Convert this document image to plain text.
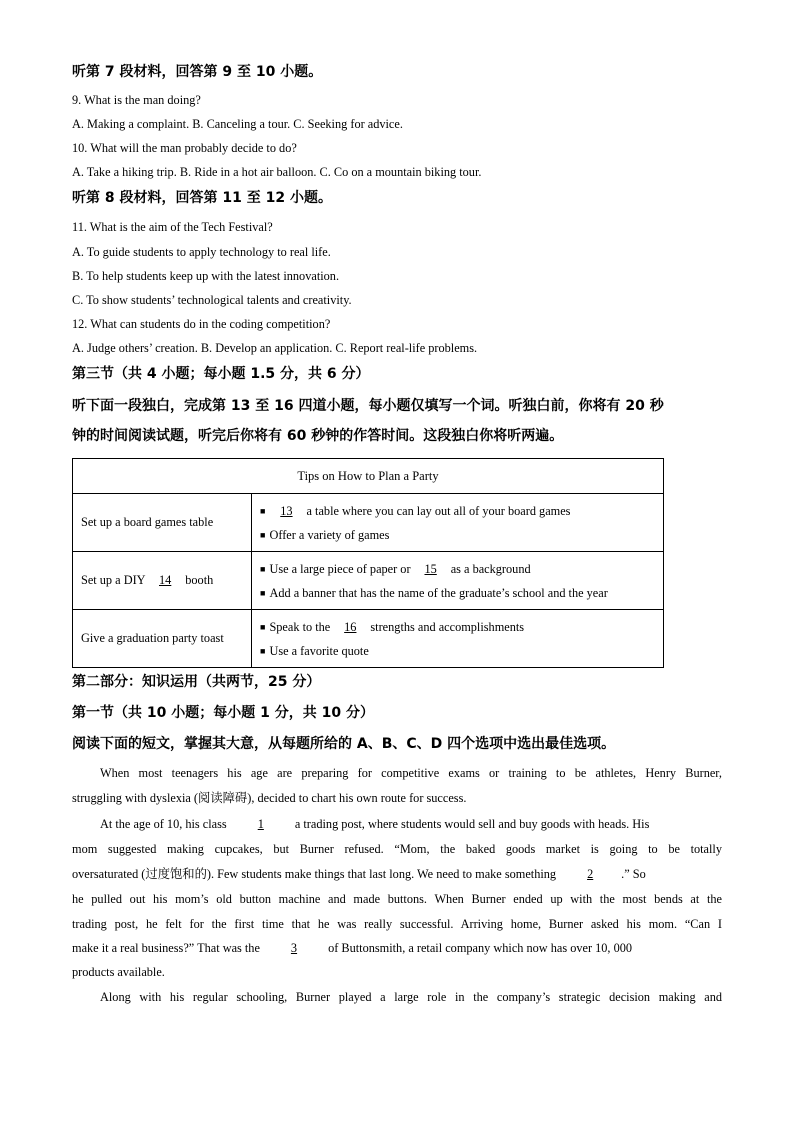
听第 7 段材料，回答第 9 至 10 小题。
9. What is the man doing?
A. Making a complaint. B. Canceling a tour. C. Seeking for advice.
10. What will the man probably decide to do?
A. Take a hiking trip. B. Ride in a hot air balloon. C. Co on a mountain biking tour.
听第 8 段材料，回答第 11 至 12 小题。
11. What is the aim of the Tech Festival?
A. To guide students to apply technology to real life.
B. To help students keep up with the latest innovation.
C. To show students’ technological talents and creativity.
12. What can students do in the coding competition?
A. Judge others’ creation. B. Develop an application. C. Report real-life problems.
第三节（共 4 小题；每小题 1.5 分，共 6 分）
听下面一段独白，完成第 13 至 16 四道小题，每小题仅填写一个词。听独白前，你将有 20 秒
钟的时间阅读试题，听完后你将有 60 秒钟的作答时间。这段独白你将听两遍。
Tips on How to Plan a Party	
Set up a board games table	■ 13 a table where you can lay out all of your board games
■ Offer a variety of games

Set up a DIY 14 booth	■ Use a large piece of paper or 15 as a background
■ Add a banner that has the name of the graduate’s school and the year

Give a graduation party toast	■ Speak to the 16 strengths and accomplishments
■ Use a favorite quote
第二部分：知识运用（共两节，25 分）
第一节（共 10 小题；每小题 1 分，共 10 分）
阅读下面的短文，掌握其大意，从每题所给的 A、B、C、D 四个选项中选出最佳选项。
When most teenagers his age are preparing for competitive exams or training to be athletes, Henry Burner,
struggling with dyslexia (阅读障碍), decided to chart his own route for success.
At the age of 10, his class 1 a trading post, where students would sell and buy goods with heads. His
mom suggested making cupcakes, but Burner refused. “Mom, the baked goods market is going to be totally
oversaturated (过度饱和的). Few students make things that last long. We need to make something 2 .” So
he pulled out his mom’s old button machine and made buttons. When Burner ended up with the most bends at the
trading post, he felt for the first time that he was really successful. Arriving home, Burner asked his mom. “Can I
make it a real business?” That was the 3 of Buttonsmith, a retail company which now has over 10, 000
products available.
Along with his regular schooling, Burner played a large role in the company’s strategic decision making and
